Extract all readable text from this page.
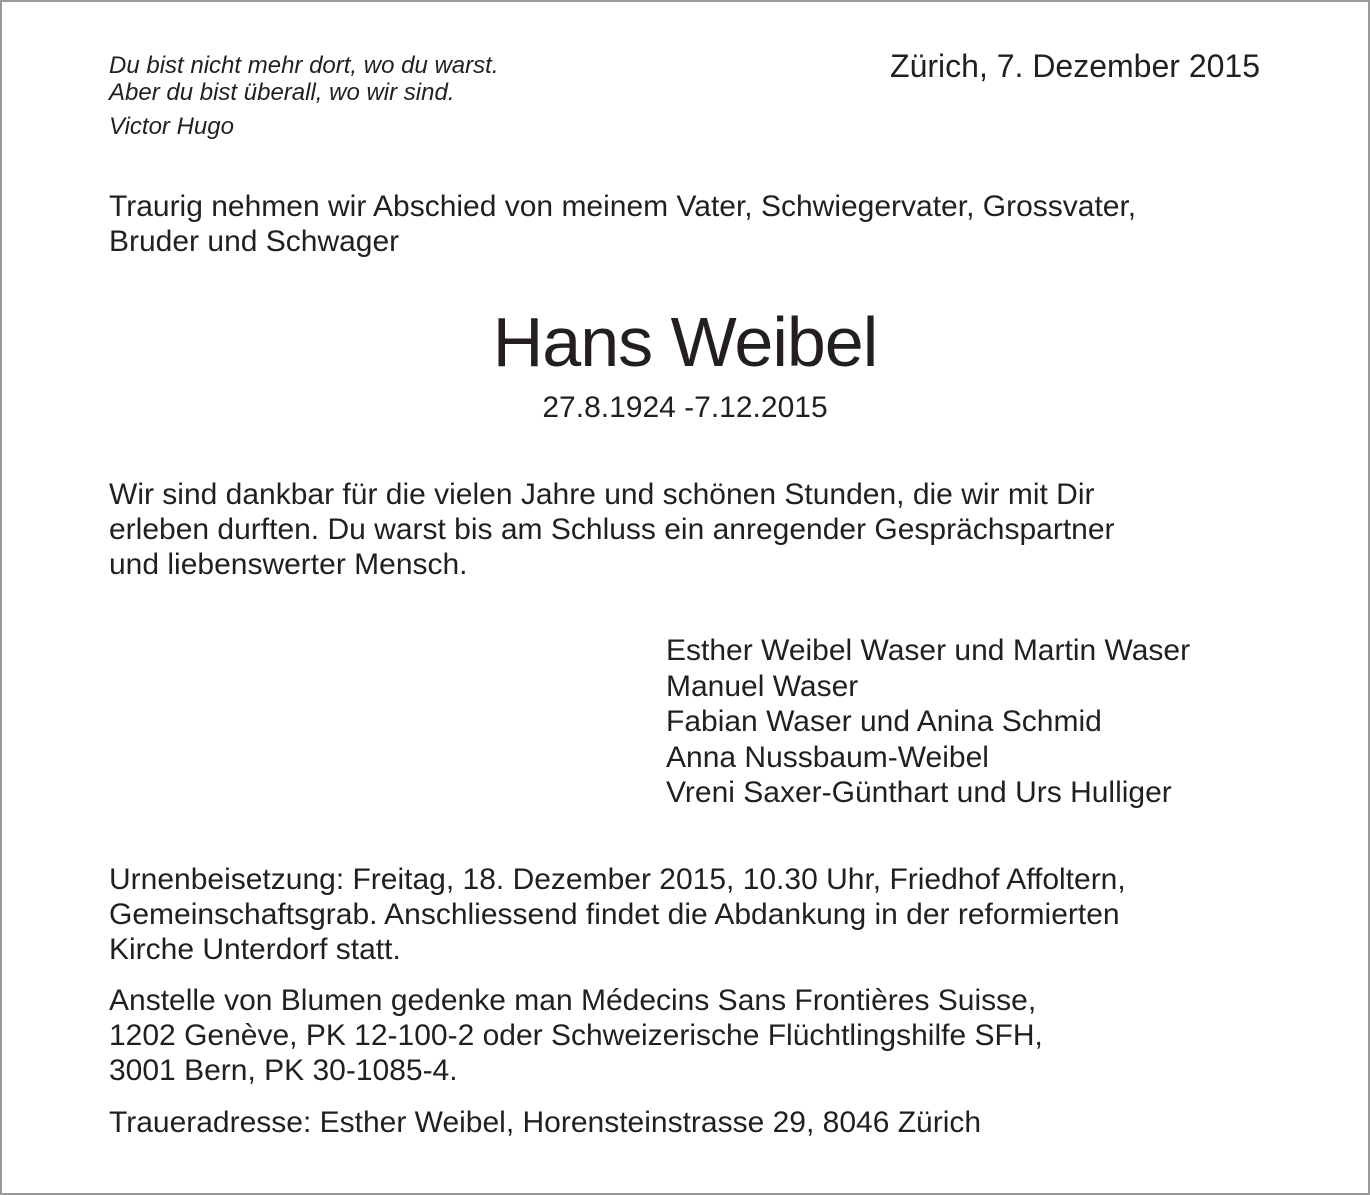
Du bist nicht mehr dort, wo du warst.
Aber du bist überall, wo wir sind.
Victor Hugo
Zürich, 7. Dezember 2015
Traurig nehmen wir Abschied von meinem Vater, Schwiegervater, Grossvater,
Bruder und Schwager
Hans Weibel
27.8.1924 -7.12.2015
Wir sind dankbar für die vielen Jahre und schönen Stunden, die wir mit Dir
erleben durften. Du warst bis am Schluss ein anregender Gesprächspartner
und liebenswerter Mensch.
Esther Weibel Waser und Martin Waser
Manuel Waser
Fabian Waser und Anina Schmid
Anna Nussbaum-Weibel
Vreni Saxer-Günthart und Urs Hulliger
Urnenbeisetzung: Freitag, 18. Dezember 2015, 10.30 Uhr, Friedhof Affoltern,
Gemeinschaftsgrab. Anschliessend findet die Abdankung in der reformierten
Kirche Unterdorf statt.
Anstelle von Blumen gedenke man Médecins Sans Frontières Suisse,
1202 Genève, PK 12-100-2 oder Schweizerische Flüchtlingshilfe SFH,
3001 Bern, PK 30-1085-4.
Traueradresse: Esther Weibel, Horensteinstrasse 29, 8046 Zürich
